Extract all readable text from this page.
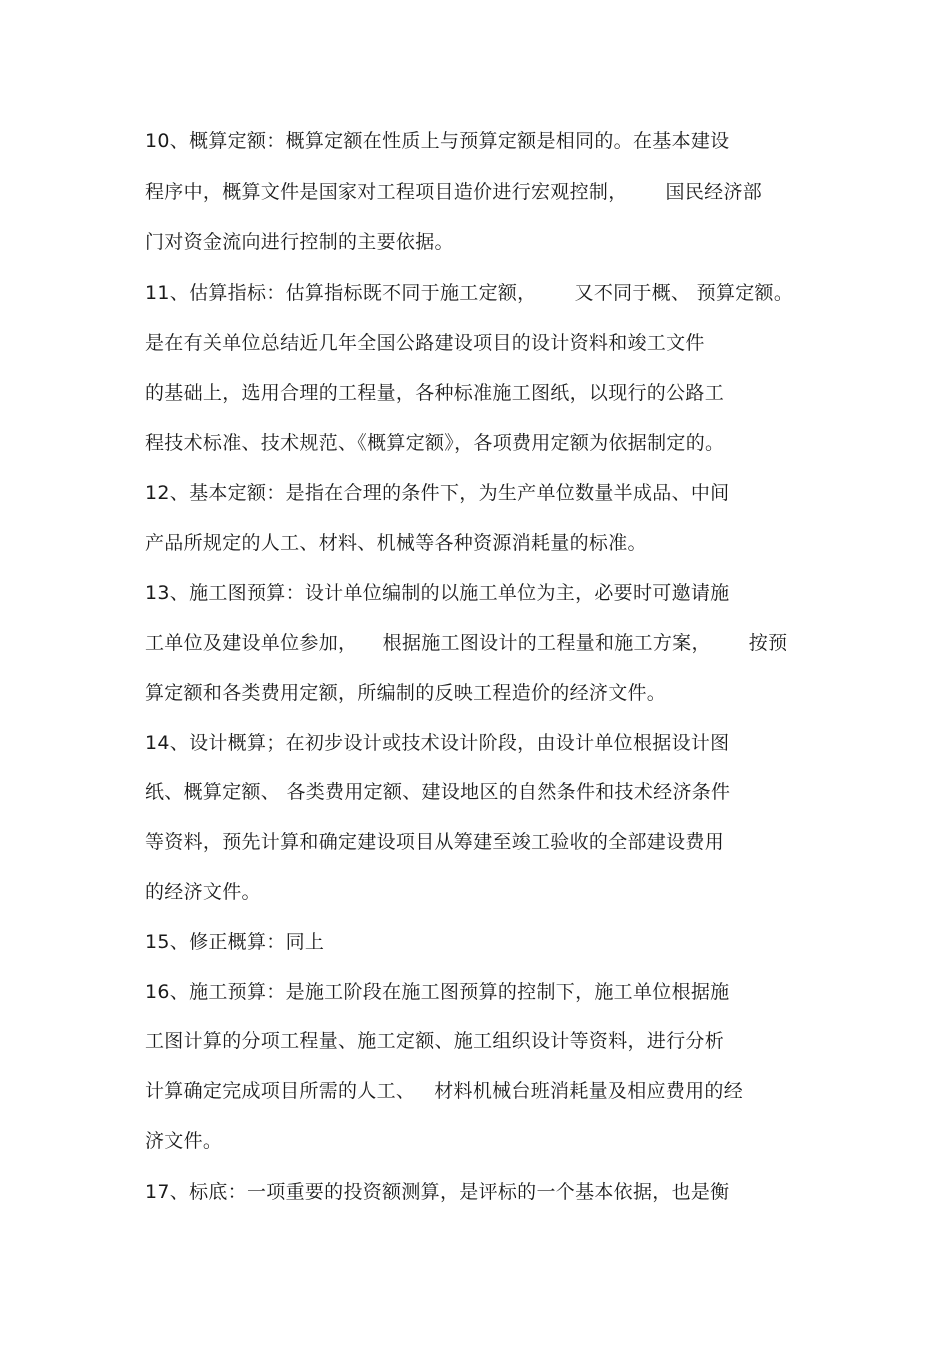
10、概算定额：概算定额在性质上与预算定额是相同的。在基本建设
程序中，概算文件是国家对工程项目造价进行宏观控制，      国民经济部
门对资金流向进行控制的主要依据。
11、估算指标：估算指标既不同于施工定额，      又不同于概、 预算定额。
是在有关单位总结近几年全国公路建设项目的设计资料和竣工文件
的基础上，选用合理的工程量，各种标准施工图纸，以现行的公路工
程技术标准、技术规范、《概算定额》，各项费用定额为依据制定的。
12、基本定额：是指在合理的条件下，为生产单位数量半成品、中间
产品所规定的人工、材料、机械等各种资源消耗量的标准。
13、施工图预算：设计单位编制的以施工单位为主，必要时可邀请施
工单位及建设单位参加，    根据施工图设计的工程量和施工方案，      按预
算定额和各类费用定额，所编制的反映工程造价的经济文件。
14、设计概算；在初步设计或技术设计阶段，由设计单位根据设计图
纸、概算定额、 各类费用定额、建设地区的自然条件和技术经济条件
等资料，预先计算和确定建设项目从筹建至竣工验收的全部建设费用
的经济文件。
15、修正概算：同上
16、施工预算：是施工阶段在施工图预算的控制下，施工单位根据施
工图计算的分项工程量、施工定额、施工组织设计等资料，进行分析
计算确定完成项目所需的人工、   材料机械台班消耗量及相应费用的经
济文件。
17、标底：一项重要的投资额测算，是评标的一个基本依据，也是衡
